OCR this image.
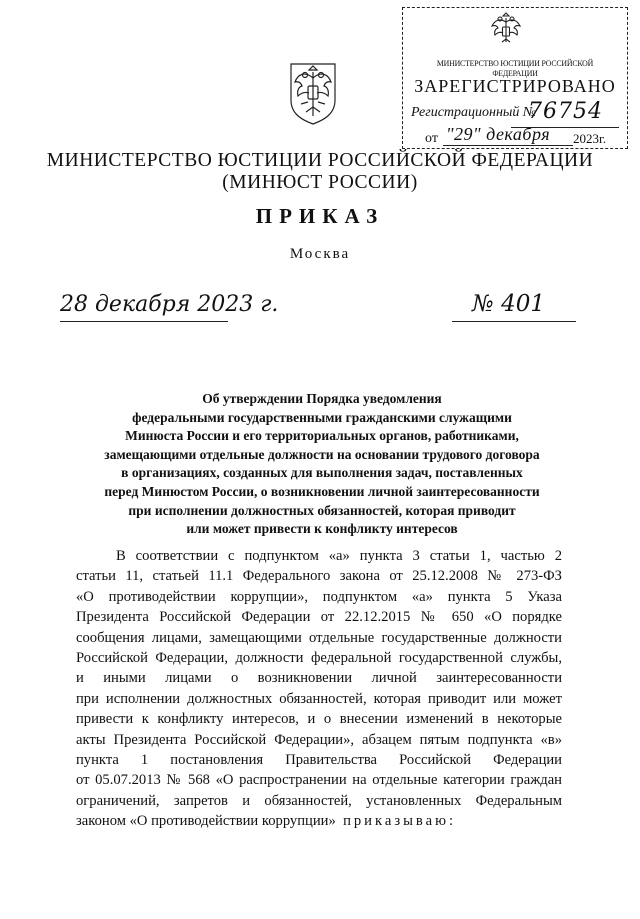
МИНИСТЕРСТВО ЮСТИЦИИ РОССИЙСКОЙ ФЕДЕРАЦИИ
ЗАРЕГИСТРИРОВАНО
Регистрационный №
76754
от "29" декабря 2023г.
МИНИСТЕРСТВО ЮСТИЦИИ РОССИЙСКОЙ ФЕДЕРАЦИИ
(МИНЮСТ РОССИИ)
ПРИКАЗ
Москва
28 декабря 2023 г.	№ 401
Об утверждении Порядка уведомления
федеральными государственными гражданскими служащими
Минюста России и его территориальных органов, работниками,
замещающими отдельные должности на основании трудового договора
в организациях, созданных для выполнения задач, поставленных
перед Минюстом России, о возникновении личной заинтересованности
при исполнении должностных обязанностей, которая приводит
или может привести к конфликту интересов
В соответствии с подпунктом «а» пункта 3 статьи 1, частью 2
статьи 11, статьей 11.1 Федерального закона от 25.12.2008 № 273-ФЗ
«О противодействии коррупции», подпунктом «а» пункта 5 Указа
Президента Российской Федерации от 22.12.2015 № 650 «О порядке
сообщения лицами, замещающими отдельные государственные должности
Российской Федерации, должности федеральной государственной службы,
и иными лицами о возникновении личной заинтересованности
при исполнении должностных обязанностей, которая приводит или может
привести к конфликту интересов, и о внесении изменений в некоторые
акты Президента Российской Федерации», абзацем пятым подпункта «в»
пункта 1 постановления Правительства Российской Федерации
от 05.07.2013 № 568 «О распространении на отдельные категории граждан
ограничений, запретов и обязанностей, установленных Федеральным
законом «О противодействии коррупции» приказываю:
